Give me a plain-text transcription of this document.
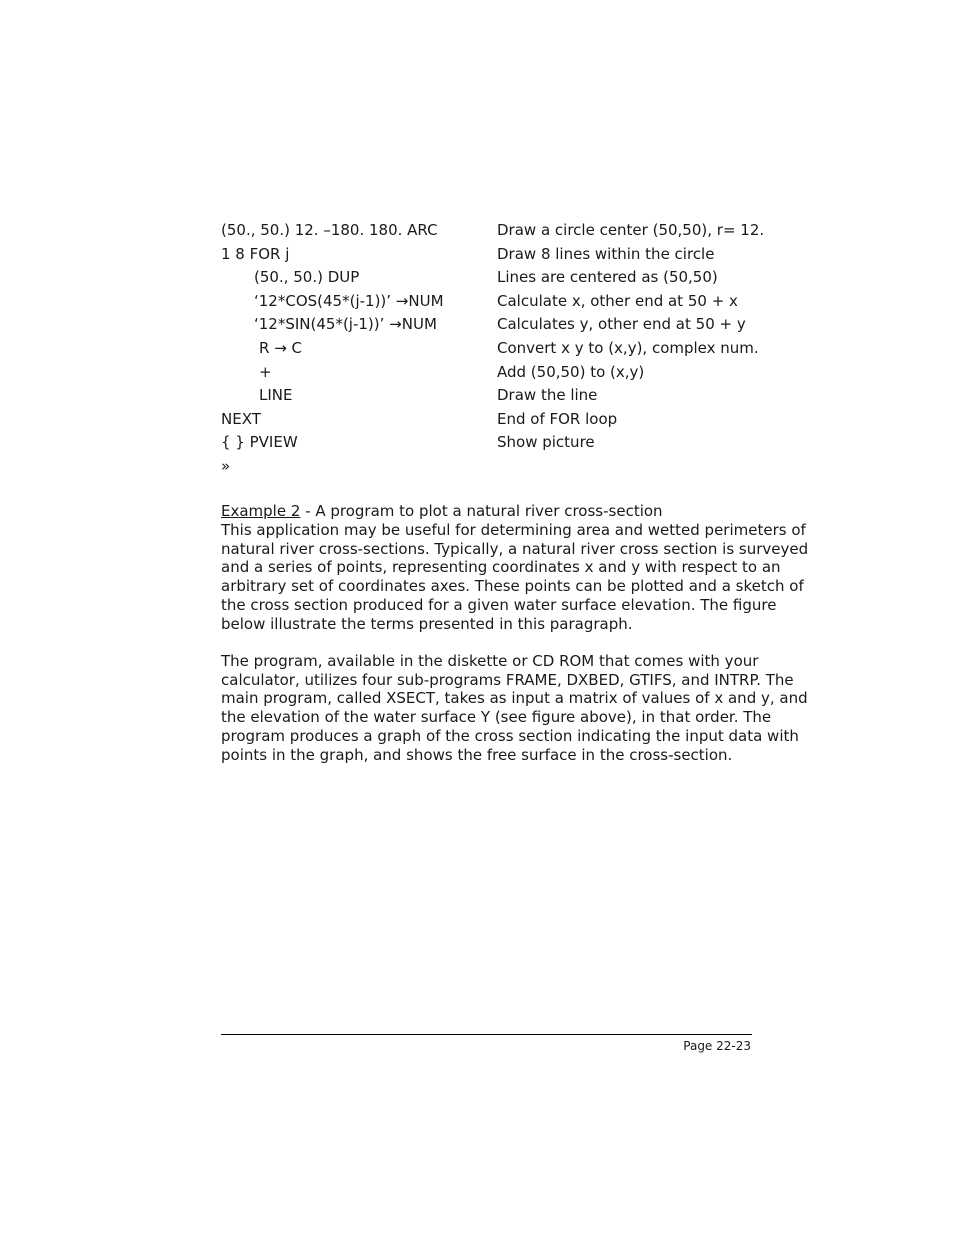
(50., 50.) 12. –180. 180. ARC	Draw a circle center (50,50), r= 12.
1 8 FOR j	Draw 8 lines within the circle
(50., 50.) DUP	Lines are centered as (50,50)
‘12*COS(45*(j-1))’ →NUM	Calculate x, other end at 50 + x
‘12*SIN(45*(j-1))’ →NUM	Calculates y, other end at 50 + y
R → C	Convert x y to (x,y), complex num.
+	Add (50,50) to (x,y)
LINE	Draw the line
NEXT	End of FOR loop
{ } PVIEW	Show picture
»
Example 2 - A program to plot a natural river cross-section

This application may be useful for determining area and wetted perimeters of
natural river cross-sections. Typically, a natural river cross section is surveyed
and a series of points, representing coordinates x and y with respect to an
arbitrary set of coordinates axes. These points can be plotted and a sketch of
the cross section produced for a given water surface elevation. The figure
below illustrate the terms presented in this paragraph.

The program, available in the diskette or CD ROM that comes with your
calculator, utilizes four sub-programs FRAME, DXBED, GTIFS, and INTRP. The
main program, called XSECT, takes as input a matrix of values of x and y, and
the elevation of the water surface Y (see figure above), in that order. The
program produces a graph of the cross section indicating the input data with
points in the graph, and shows the free surface in the cross-section.

Page 22-23
